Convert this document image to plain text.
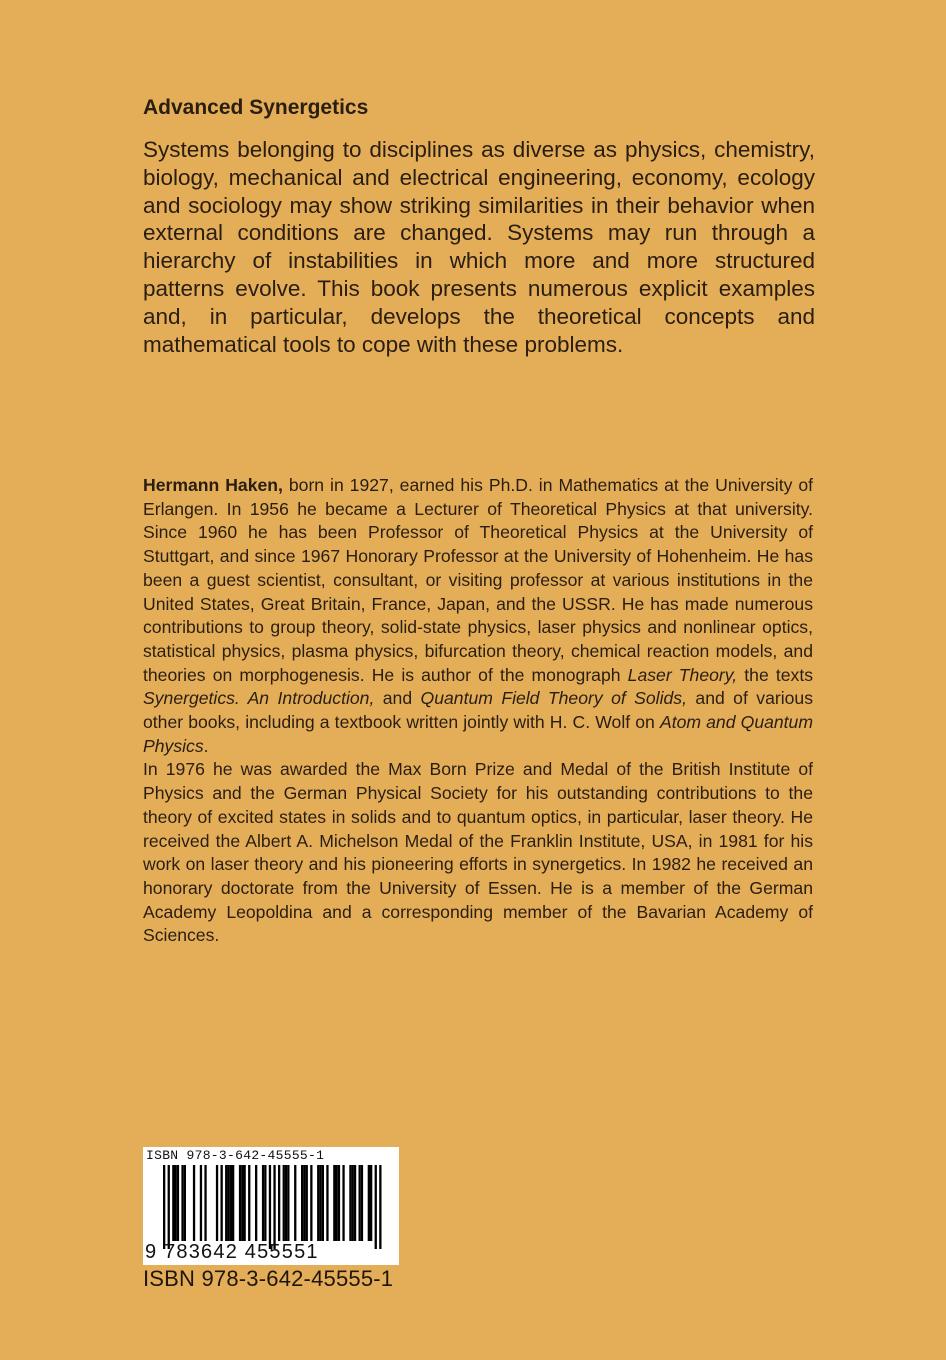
Advanced Synergetics

Systems belonging to disciplines as diverse as physics, chemistry, biology, mechanical and electrical engineering, economy, ecology and sociology may show striking similarities in their behavior when external conditions are changed. Systems may run through a hierarchy of instabilities in which more and more structured patterns evolve. This book presents numerous explicit examples and, in particular, develops the theoretical concepts and mathematical tools to cope with these problems.

Hermann Haken, born in 1927, earned his Ph.D. in Mathematics at the University of Erlangen. In 1956 he became a Lecturer of Theoretical Physics at that university. Since 1960 he has been Professor of Theoretical Physics at the University of Stuttgart, and since 1967 Honorary Professor at the University of Hohenheim. He has been a guest scientist, consultant, or visiting professor at various institutions in the United States, Great Britain, France, Japan, and the USSR. He has made numerous contributions to group theory, solid-state physics, laser physics and nonlinear optics, statistical physics, plasma physics, bifurcation theory, chemical reaction models, and theories on morphogenesis. He is author of the monograph Laser Theory, the texts Synergetics. An Introduction, and Quantum Field Theory of Solids, and of various other books, including a textbook written jointly with H. C. Wolf on Atom and Quantum Physics.

In 1976 he was awarded the Max Born Prize and Medal of the British Institute of Physics and the German Physical Society for his outstanding contributions to the theory of excited states in solids and to quantum optics, in particular, laser theory. He received the Albert A. Michelson Medal of the Franklin Institute, USA, in 1981 for his work on laser theory and his pioneering efforts in synergetics. In 1982 he received an honorary doctorate from the University of Essen. He is a member of the German Academy Leopoldina and a corresponding member of the Bavarian Academy of Sciences.

ISBN 978-3-642-45555-1
9 783642 455551
ISBN 978-3-642-45555-1
